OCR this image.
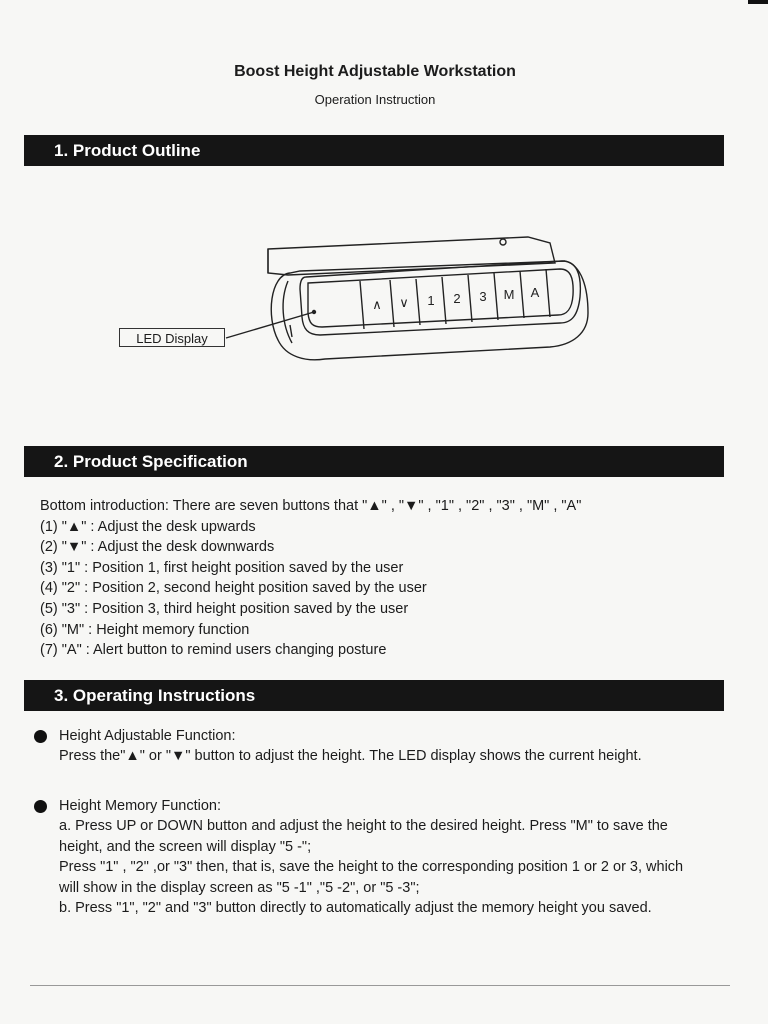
Boost Height Adjustable Workstation
Operation Instruction
1. Product Outline
∧ ∨ 1 2 3 M A
LED Display
2. Product Specification

Bottom introduction: There are seven buttons that "▲" , "▼" , "1" , "2" , "3" , "M" , "A"

(1) "▲" : Adjust the desk upwards

(2) "▼" : Adjust the desk downwards

(3) "1" : Position 1, first height position saved by the user

(4) "2" : Position 2, second height position saved by the user

(5) "3" : Position 3, third height position saved by the user

(6) "M" : Height memory function

(7) "A" : Alert button to remind users changing posture

3. Operating Instructions

Height Adjustable Function:

Press the"▲" or "▼" button to adjust the height. The LED display shows the current height.

Height Memory Function:

a. Press UP or DOWN button and adjust the height to the desired height. Press "M" to save the height, and the screen will display "5 -";

Press "1" , "2" ,or "3" then, that is, save the height to the corresponding position 1 or 2 or 3, which will show in the display screen as "5 -1" ,"5 -2", or "5 -3";

b. Press "1", "2" and "3" button directly to automatically adjust the memory height you saved.
